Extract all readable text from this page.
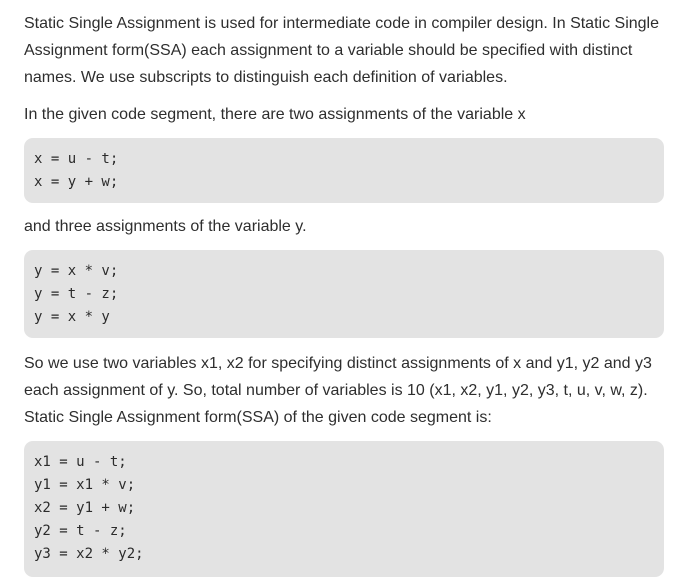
Static Single Assignment is used for intermediate code in compiler design. In Static Single Assignment form(SSA) each assignment to a variable should be specified with distinct names. We use subscripts to distinguish each definition of variables.

In the given code segment, there are two assignments of the variable x

x = u - t;
x = y + w;

and three assignments of the variable y.

y = x * v;
y = t - z;
y = x * y

So we use two variables x1, x2 for specifying distinct assignments of x and y1, y2 and y3 each assignment of y. So, total number of variables is 10 (x1, x2, y1, y2, y3, t, u, v, w, z). Static Single Assignment form(SSA) of the given code segment is:

x1 = u - t;
y1 = x1 * v;
x2 = y1 + w;
y2 = t - z;
y3 = x2 * y2;
